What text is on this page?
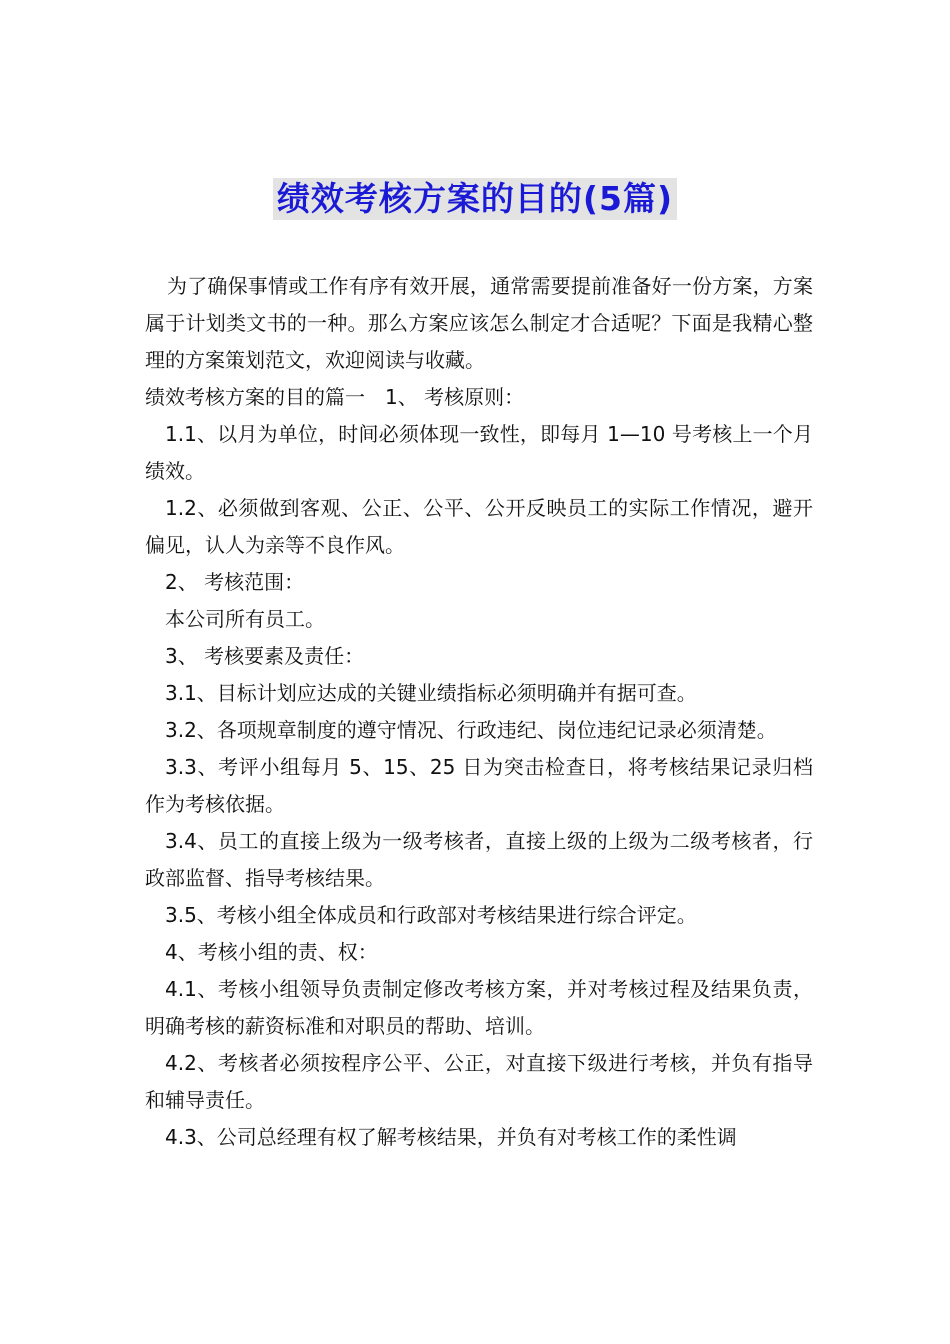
绩效考核方案的目的(5篇)

为了确保事情或工作有序有效开展，通常需要提前准备好一份方案，方案属于计划类文书的一种。那么方案应该怎么制定才合适呢？下面是我精心整理的方案策划范文，欢迎阅读与收藏。

绩效考核方案的目的篇一　1、 考核原则：

1.1、以月为单位，时间必须体现一致性，即每月 1—10 号考核上一个月绩效。

1.2、必须做到客观、公正、公平、公开反映员工的实际工作情况，避开偏见，认人为亲等不良作风。

2、 考核范围：

本公司所有员工。

3、 考核要素及责任：

3.1、目标计划应达成的关键业绩指标必须明确并有据可查。

3.2、各项规章制度的遵守情况、行政违纪、岗位违纪记录必须清楚。

3.3、考评小组每月 5、15、25 日为突击检查日，将考核结果记录归档作为考核依据。

3.4、员工的直接上级为一级考核者，直接上级的上级为二级考核者，行政部监督、指导考核结果。

3.5、考核小组全体成员和行政部对考核结果进行综合评定。

4、考核小组的责、权：

4.1、考核小组领导负责制定修改考核方案，并对考核过程及结果负责，明确考核的薪资标准和对职员的帮助、培训。

4.2、考核者必须按程序公平、公正，对直接下级进行考核，并负有指导和辅导责任。

4.3、公司总经理有权了解考核结果，并负有对考核工作的柔性调
